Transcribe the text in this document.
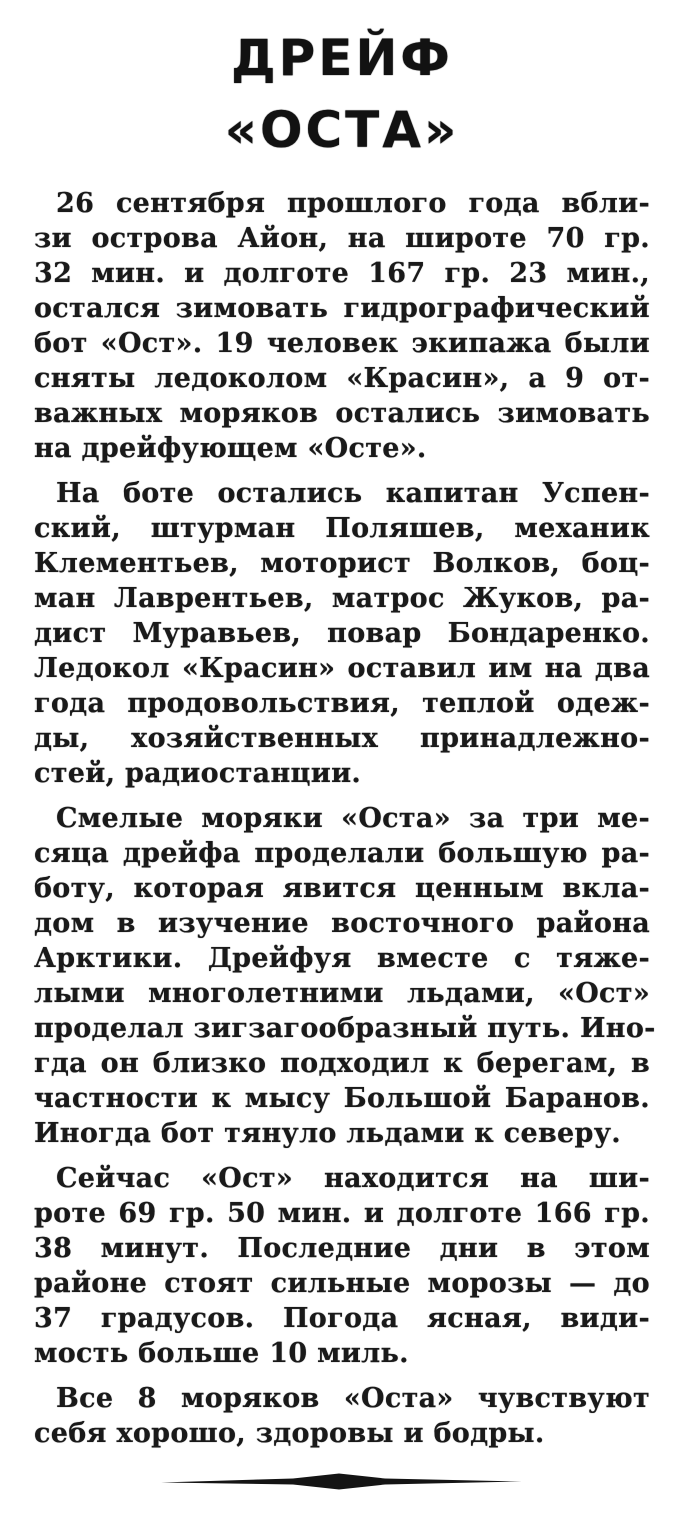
ДРЕЙФ
«ОСТА»
26 сентября прошлого года вбли-
зи острова Айон, на широте 70 гр.
32 мин. и долготе 167 гр. 23 мин.,
остался зимовать гидрографический
бот «Ост». 19 человек экипажа были
сняты ледоколом «Красин», а 9 от-
важных моряков остались зимовать
на дрейфующем «Осте».
На боте остались капитан Успен-
ский, штурман Поляшев, механик
Клементьев, моторист Волков, боц-
ман Лаврентьев, матрос Жуков, ра-
дист Муравьев, повар Бондаренко.
Ледокол «Красин» оставил им на два
года продовольствия, теплой одеж-
ды, хозяйственных принадлежно-
стей, радиостанции.
Смелые моряки «Оста» за три ме-
сяца дрейфа проделали большую ра-
боту, которая явится ценным вкла-
дом в изучение восточного района
Арктики. Дрейфуя вместе с тяже-
лыми многолетними льдами, «Ост»
проделал зигзагообразный путь. Ино-
гда он близко подходил к берегам, в
частности к мысу Большой Баранов.
Иногда бот тянуло льдами к северу.
Сейчас «Ост» находится на ши-
роте 69 гр. 50 мин. и долготе 166 гр.
38 минут. Последние дни в этом
районе стоят сильные морозы — до
37 градусов. Погода ясная, види-
мость больше 10 миль.
Все 8 моряков «Оста» чувствуют
себя хорошо, здоровы и бодры.
